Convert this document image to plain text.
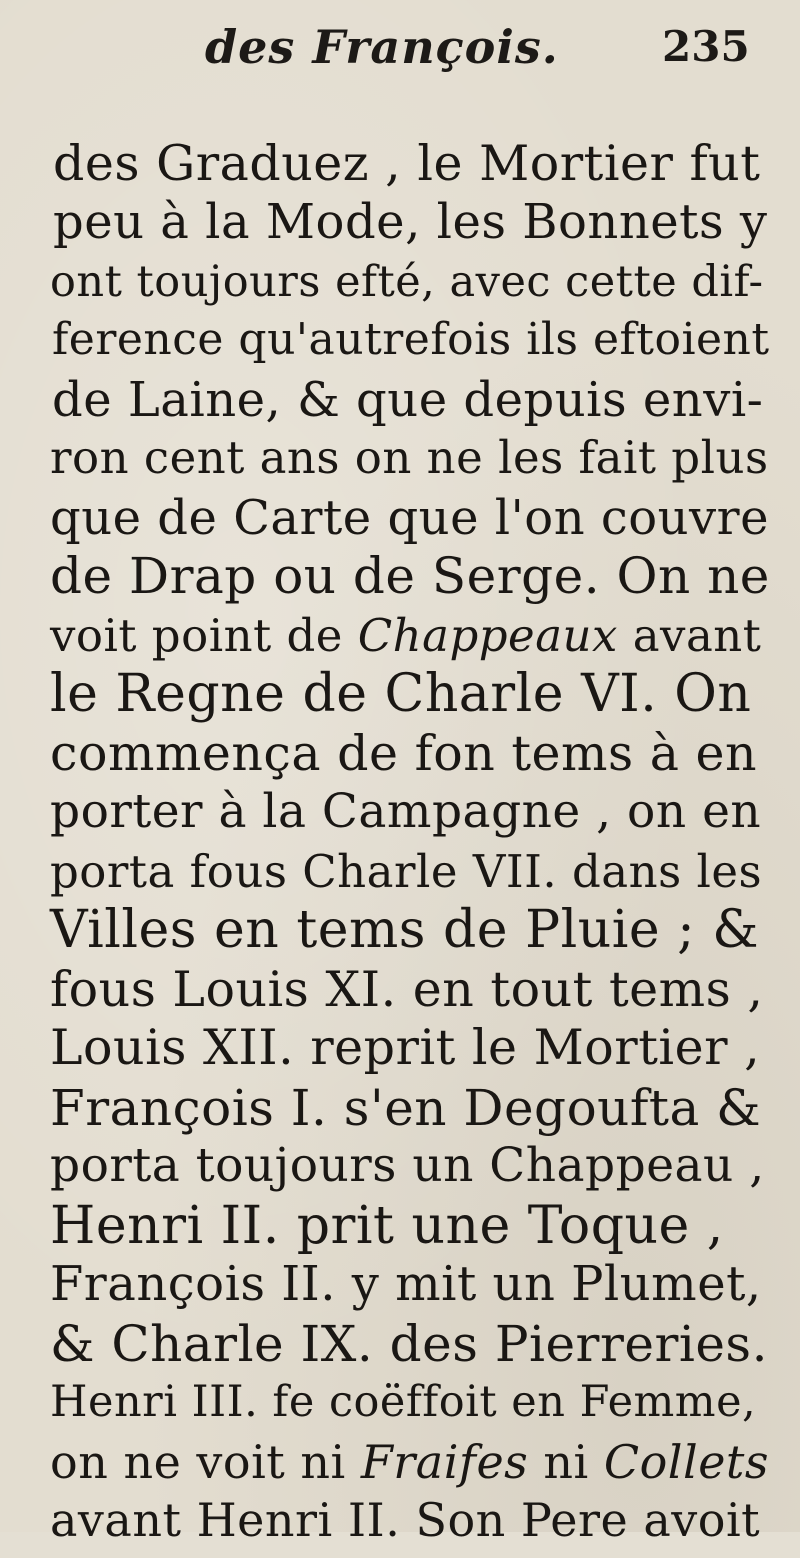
des François. 235
des Graduez , le Mortier fut
peu à la Mode, les Bonnets y
ont toujours efté, avec cette dif-
ference qu'autrefois ils eftoient
de Laine, & que depuis envi-
ron cent ans on ne les fait plus
que de Carte que l'on couvre
de Drap ou de Serge. On ne
voit point de Chappeaux avant
le Regne de Charle VI. On
commença de fon tems à en
porter à la Campagne , on en
porta fous Charle VII. dans les
Villes en tems de Pluie ; &
fous Louis XI. en tout tems ,
Louis XII. reprit le Mortier ,
François I. s'en Degoufta &
porta toujours un Chappeau ,
Henri II. prit une Toque ,
François II. y mit un Plumet,
& Charle IX. des Pierreries.
Henri III. fe coëffoit en Femme,
on ne voit ni Fraifes ni Collets
avant Henri II. Son Pere avoit
